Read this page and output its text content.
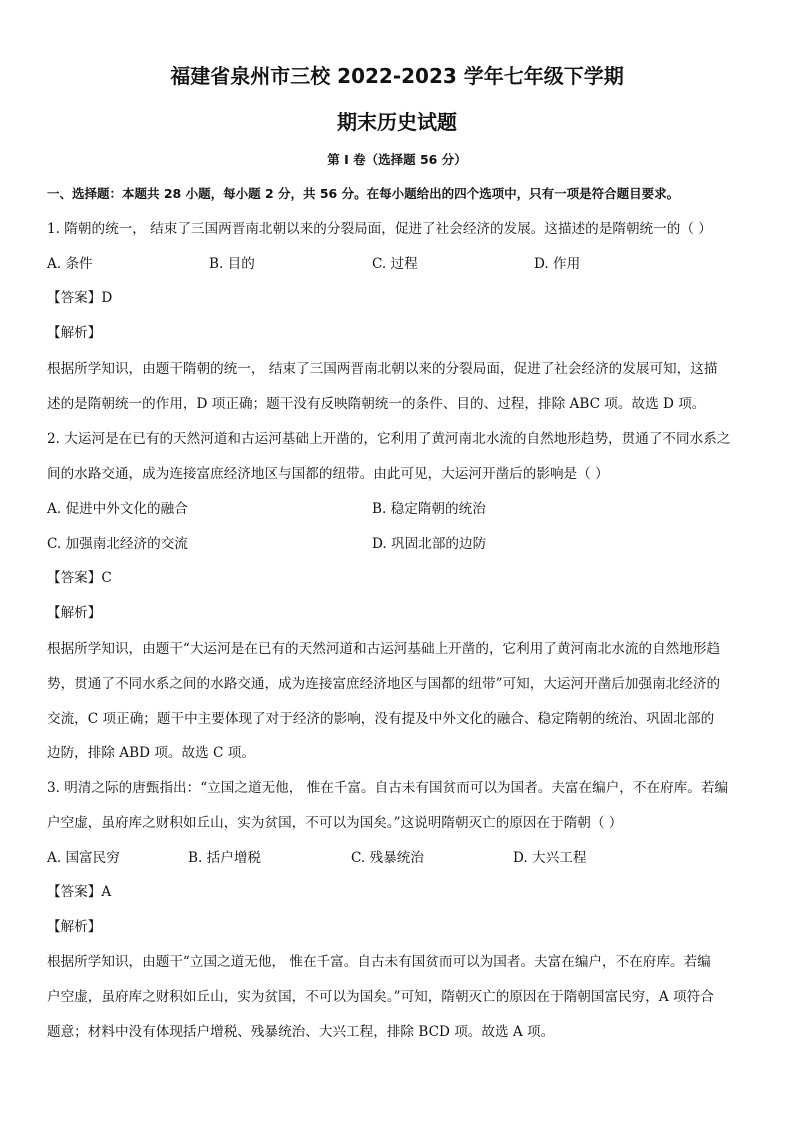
福建省泉州市三校 2022-2023 学年七年级下学期
期末历史试题
第 I 卷（选择题 56 分）
一、选择题：本题共 28 小题，每小题 2 分，共 56 分。在每小题给出的四个选项中，只有一项是符合题目要求。
1. 隋朝的统一， 结束了三国两晋南北朝以来的分裂局面，促进了社会经济的发展。这描述的是隋朝统一的（ ）
A. 条件	B. 目的	C. 过程	D. 作用
【答案】D
【解析】
根据所学知识，由题干隋朝的统一， 结束了三国两晋南北朝以来的分裂局面，促进了社会经济的发展可知，这描
述的是隋朝统一的作用，D 项正确；题干没有反映隋朝统一的条件、目的、过程，排除 ABC 项。故选 D 项。
2. 大运河是在已有的天然河道和古运河基础上开凿的，它利用了黄河南北水流的自然地形趋势，贯通了不同水系之
间的水路交通，成为连接富庶经济地区与国都的纽带。由此可见，大运河开凿后的影响是（ ）
A. 促进中外文化的融合	B. 稳定隋朝的统治
C. 加强南北经济的交流	D. 巩固北部的边防
【答案】C
【解析】
根据所学知识，由题干“大运河是在已有的天然河道和古运河基础上开凿的，它利用了黄河南北水流的自然地形趋
势，贯通了不同水系之间的水路交通，成为连接富庶经济地区与国都的纽带”可知，大运河开凿后加强南北经济的
交流，C 项正确；题干中主要体现了对于经济的影响，没有提及中外文化的融合、稳定隋朝的统治、巩固北部的
边防，排除 ABD 项。故选 C 项。
3. 明清之际的唐甄指出：“立国之道无他， 惟在千富。自古未有国贫而可以为国者。夫富在编户，不在府库。若编
户空虚，虽府库之财积如丘山，实为贫国，不可以为国矣。”这说明隋朝灭亡的原因在于隋朝（ ）
A. 国富民穷	B. 括户增税	C. 残暴统治	D. 大兴工程
【答案】A
【解析】
根据所学知识，由题干“立国之道无他， 惟在千富。自古未有国贫而可以为国者。夫富在编户，不在府库。若编
户空虚，虽府库之财积如丘山，实为贫国，不可以为国矣。”可知，隋朝灭亡的原因在于隋朝国富民穷，A 项符合
题意；材料中没有体现括户增税、残暴统治、大兴工程，排除 BCD 项。故选 A 项。
